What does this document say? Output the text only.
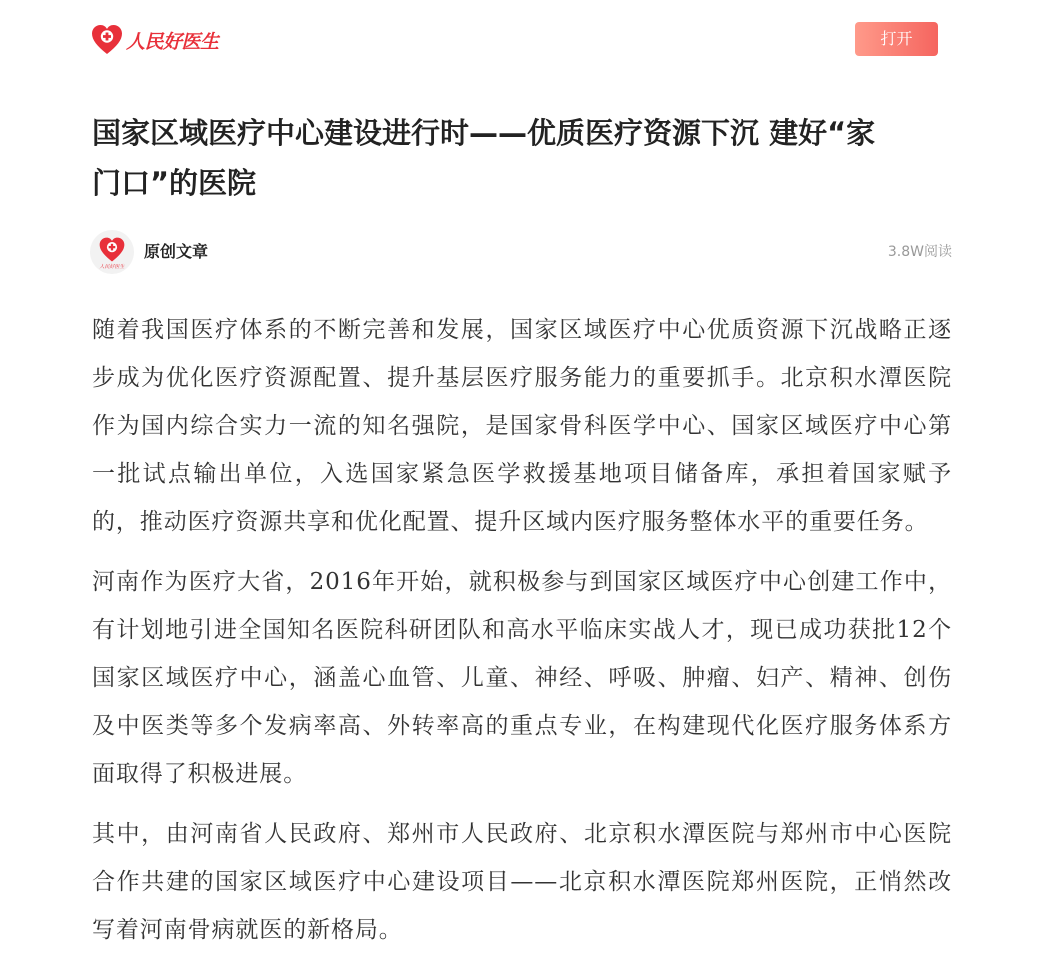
人民好医生	打开
国家区域医疗中心建设进行时——优质医疗资源下沉 建好“家门口”的医院
人民好医生
原创文章	3.8W阅读

随着我国医疗体系的不断完善和发展，国家区域医疗中心优质资源下沉战略正逐步成为优化医疗资源配置、提升基层医疗服务能力的重要抓手。北京积水潭医院作为国内综合实力一流的知名强院，是国家骨科医学中心、国家区域医疗中心第一批试点输出单位，入选国家紧急医学救援基地项目储备库，承担着国家赋予的，推动医疗资源共享和优化配置、提升区域内医疗服务整体水平的重要任务。

河南作为医疗大省，2016年开始，就积极参与到国家区域医疗中心创建工作中，有计划地引进全国知名医院科研团队和高水平临床实战人才，现已成功获批12个国家区域医疗中心，涵盖心血管、儿童、神经、呼吸、肿瘤、妇产、精神、创伤及中医类等多个发病率高、外转率高的重点专业，在构建现代化医疗服务体系方面取得了积极进展。

其中，由河南省人民政府、郑州市人民政府、北京积水潭医院与郑州市中心医院合作共建的国家区域医疗中心建设项目——北京积水潭医院郑州医院，正悄然改写着河南骨病就医的新格局。
